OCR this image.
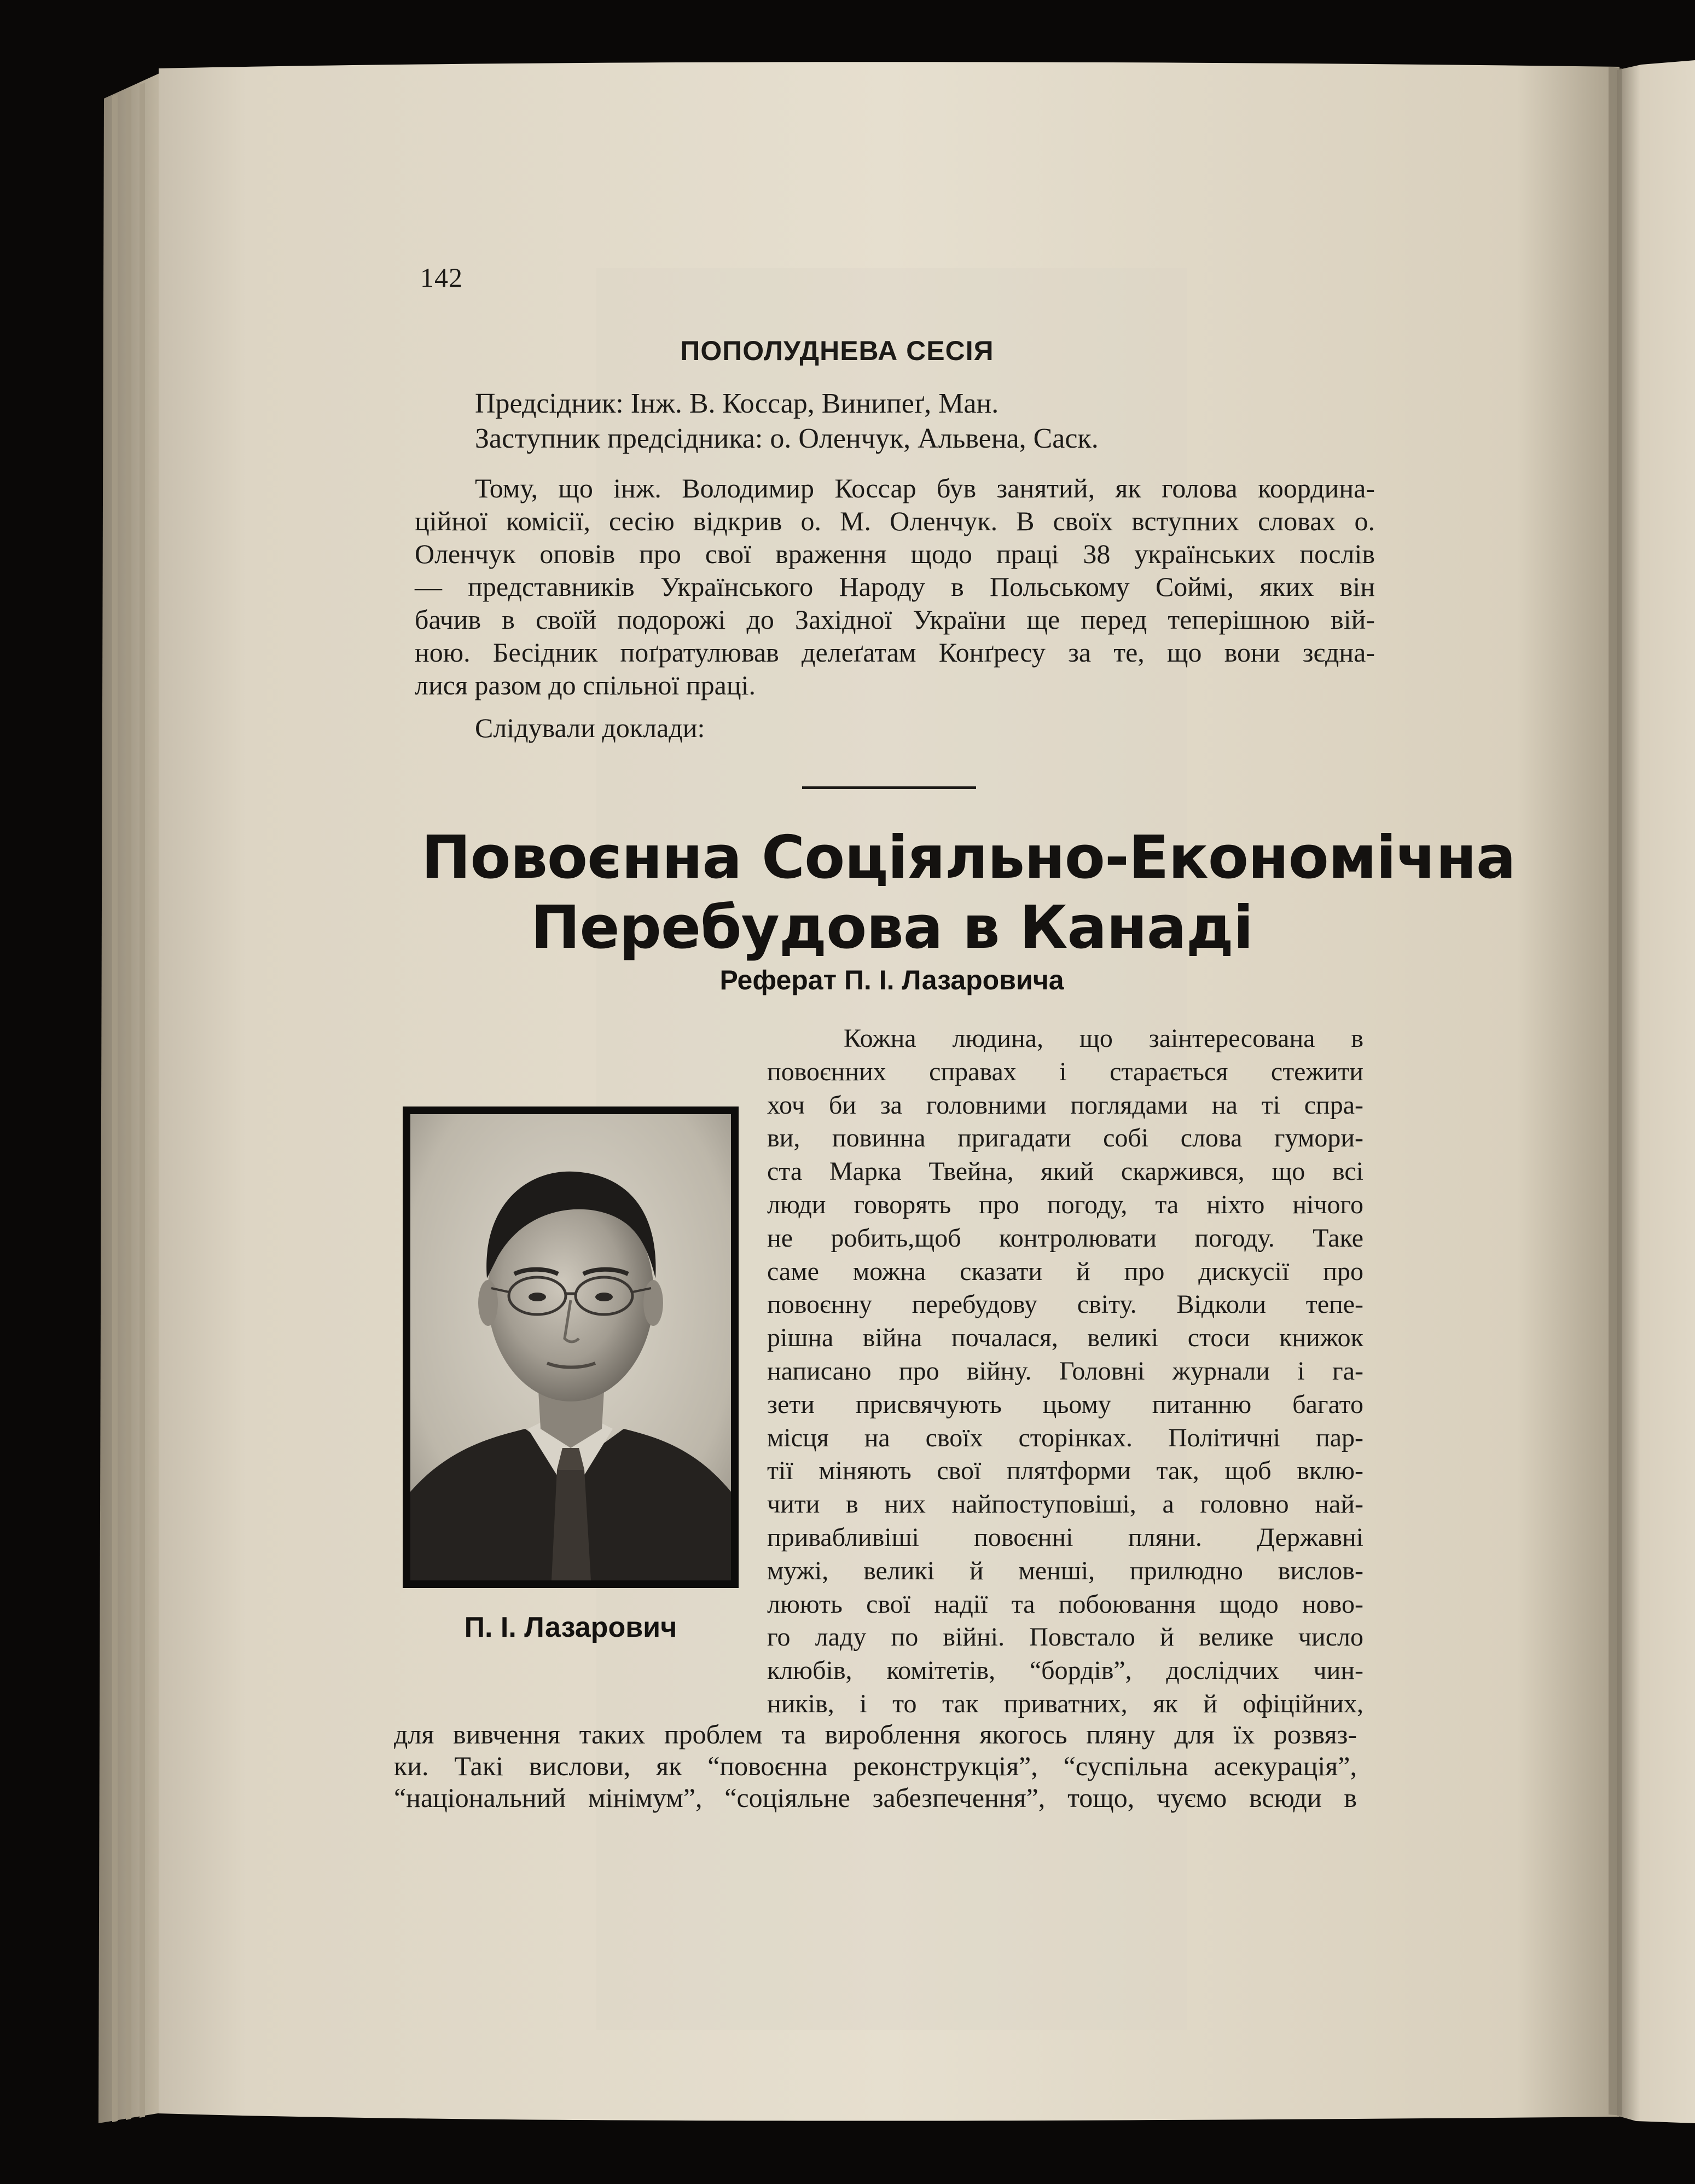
142
ПОПОЛУДНЕВА СЕСІЯ
Предсідник: Інж. В. Коссар, Винипеґ, Ман.
Заступник предсідника: о. Оленчук, Альвена, Саск.
Тому, що інж. Володимир Коссар був занятий, як голова координа-
ційної комісії, сесію відкрив о. М. Оленчук. В своїх вступних словах о.
Оленчук оповів про свої враження щодо праці 38 українських послів
— представників Українського Народу в Польському Соймі, яких він
бачив в своїй подорожі до Західної України ще перед теперішною вій-
ною. Бесідник поґратулював делеґатам Конґресу за те, що вони зєдна-
лися разом до спільної праці.
Слідували доклади:
Повоєнна Соціяльно-Економічна
Перебудова в Канаді
Реферат П. І. Лазаровича
П. І. Лазарович
Кожна людина, що заінтересована в
повоєнних справах і старається стежити
хоч би за головними поглядами на ті спра-
ви, повинна пригадати собі слова гумори-
ста Марка Твейна, який скаржився, що всі
люди говорять про погоду, та ніхто нічого
не робить,щоб контролювати погоду. Таке
саме можна сказати й про дискусії про
повоєнну перебудову світу. Відколи тепе-
рішна війна почалася, великі стоси книжок
написано про війну. Головні журнали і га-
зети присвячують цьому питанню багато
місця на своїх сторінках. Політичні пар-
тії міняють свої плятформи так, щоб вклю-
чити в них найпоступовіші, а головно най-
привабливіші повоєнні пляни. Державні
мужі, великі й менші, прилюдно вислов-
люють свої надії та побоювання щодо ново-
го ладу по війні. Повстало й велике число
клюбів, комітетів, “бордів”, дослідчих чин-
ників, і то так приватних, як й офіційних,
для вивчення таких проблем та вироблення якогось пляну для їх розвяз-
ки. Такі вислови, як “повоєнна реконструкція”, “суспільна асекурація”,
“національний мінімум”, “соціяльне забезпечення”, тощо, чуємо всюди в
